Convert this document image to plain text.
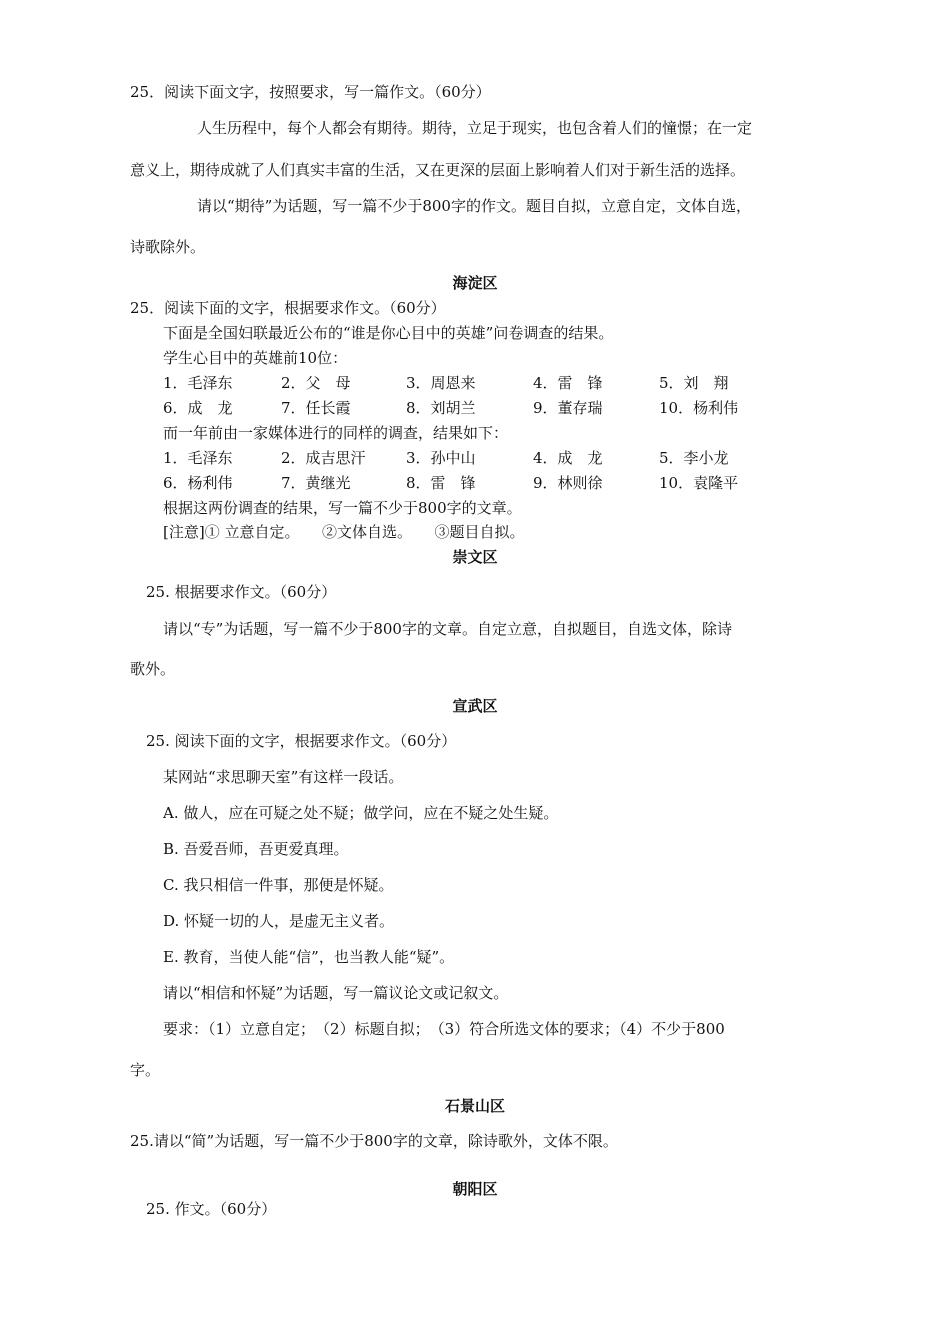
25．阅读下面文字，按照要求，写一篇作文。（60分）
人生历程中，每个人都会有期待。期待，立足于现实，也包含着人们的憧憬；在一定
意义上，期待成就了人们真实丰富的生活，又在更深的层面上影响着人们对于新生活的选择。
请以“期待”为话题，写一篇不少于800字的作文。题目自拟，立意自定，文体自选，
诗歌除外。
海淀区
25．阅读下面的文字，根据要求作文。（60分）
下面是全国妇联最近公布的“谁是你心目中的英雄”问卷调查的结果。
学生心目中的英雄前10位：
1．毛泽东	2．父　母	3．周恩来	4．雷　锋	5．刘　翔
6．成　龙	7．任长霞	8．刘胡兰	9．董存瑞	10．杨利伟
而一年前由一家媒体进行的同样的调查，结果如下：
1．毛泽东	2．成吉思汗	3．孙中山	4．成　龙	5．李小龙
6．杨利伟	7．黄继光	8．雷　锋	9．林则徐	10．袁隆平
根据这两份调查的结果，写一篇不少于800字的文章。
[注意]① 立意自定。　　②文体自选。　　③题目自拟。
崇文区
25. 根据要求作文。（60分）
请以“专”为话题，写一篇不少于800字的文章。自定立意，自拟题目，自选文体，除诗
歌外。
宣武区
25. 阅读下面的文字，根据要求作文。（60分）
某网站“求思聊天室”有这样一段话。
A. 做人，应在可疑之处不疑；做学问，应在不疑之处生疑。
B. 吾爱吾师，吾更爱真理。
C. 我只相信一件事，那便是怀疑。
D. 怀疑一切的人，是虚无主义者。
E. 教育，当使人能“信”，也当教人能“疑”。
请以“相信和怀疑”为话题，写一篇议论文或记叙文。
要求：（1）立意自定；　（2）标题自拟；　（3）符合所选文体的要求；（4）不少于800
字。
石景山区
25.请以“简”为话题，写一篇不少于800字的文章，除诗歌外，文体不限。
朝阳区
25. 作文。（60分）
